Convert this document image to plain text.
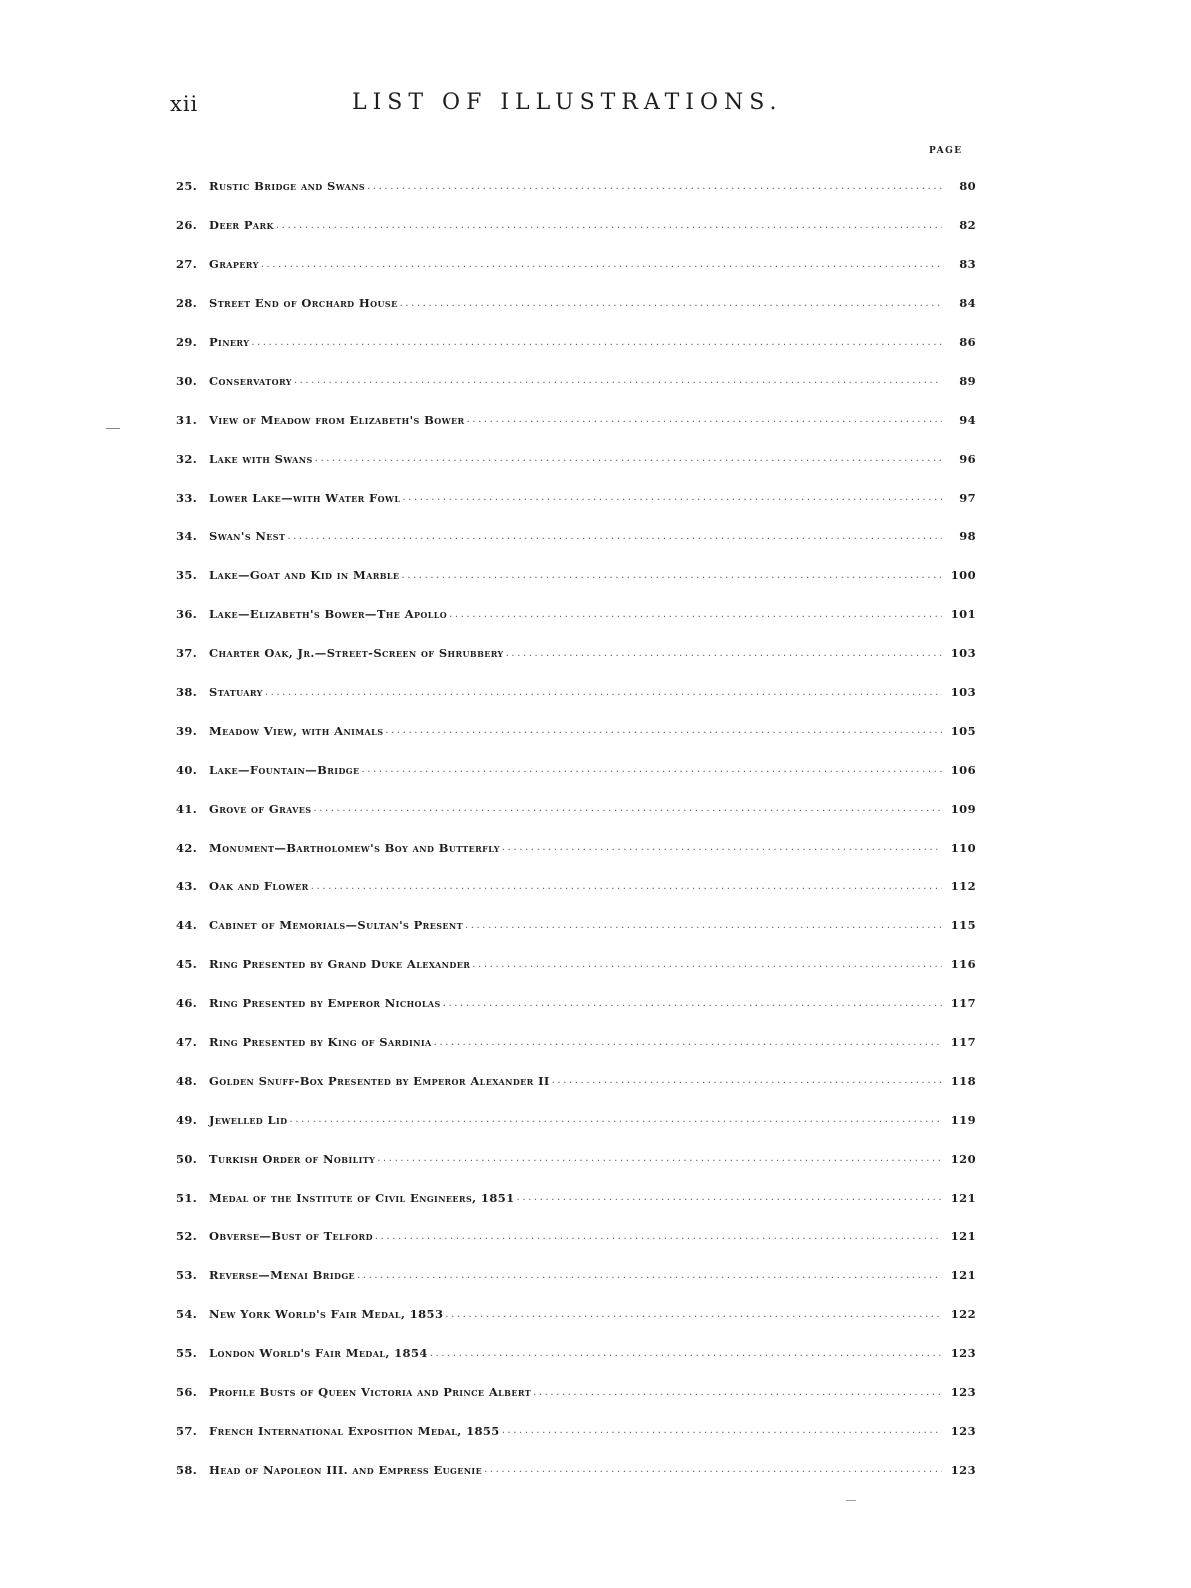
xii	LIST OF ILLUSTRATIONS.
PAGE
25.	Rustic Bridge and Swans .....	80
26.	Deer Park .....	82
27.	Grapery .....	83
28.	Street End of Orchard House .....	84
29.	Pinery .....	86
30.	Conservatory .....	89
31.	View of Meadow from Elizabeth's Bower .....	94
32.	Lake with Swans .....	96
33.	Lower Lake—with Water Fowl .....	97
34.	Swan's Nest .....	98
35.	Lake—Goat and Kid in Marble .....	100
36.	Lake—Elizabeth's Bower—The Apollo .....	101
37.	Charter Oak, Jr.—Street-Screen of Shrubbery .....	103
38.	Statuary .....	103
39.	Meadow View, with Animals .....	105
40.	Lake—Fountain—Bridge .....	106
41.	Grove of Graves .....	109
42.	Monument—Bartholomew's Boy and Butterfly .....	110
43.	Oak and Flower .....	112
44.	Cabinet of Memorials—Sultan's Present .....	115
45.	Ring Presented by Grand Duke Alexander .....	116
46.	Ring Presented by Emperor Nicholas .....	117
47.	Ring Presented by King of Sardinia .....	117
48.	Golden Snuff-Box Presented by Emperor Alexander II .....	118
49.	Jewelled Lid .....	119
50.	Turkish Order of Nobility .....	120
51.	Medal of the Institute of Civil Engineers, 1851 .....	121
52.	Obverse—Bust of Telford .....	121
53.	Reverse—Menai Bridge .....	121
54.	New York World's Fair Medal, 1853 .....	122
55.	London World's Fair Medal, 1854 .....	123
56.	Profile Busts of Queen Victoria and Prince Albert .....	123
57.	French International Exposition Medal, 1855 .....	123
58.	Head of Napoleon III. and Empress Eugenie .....	123
